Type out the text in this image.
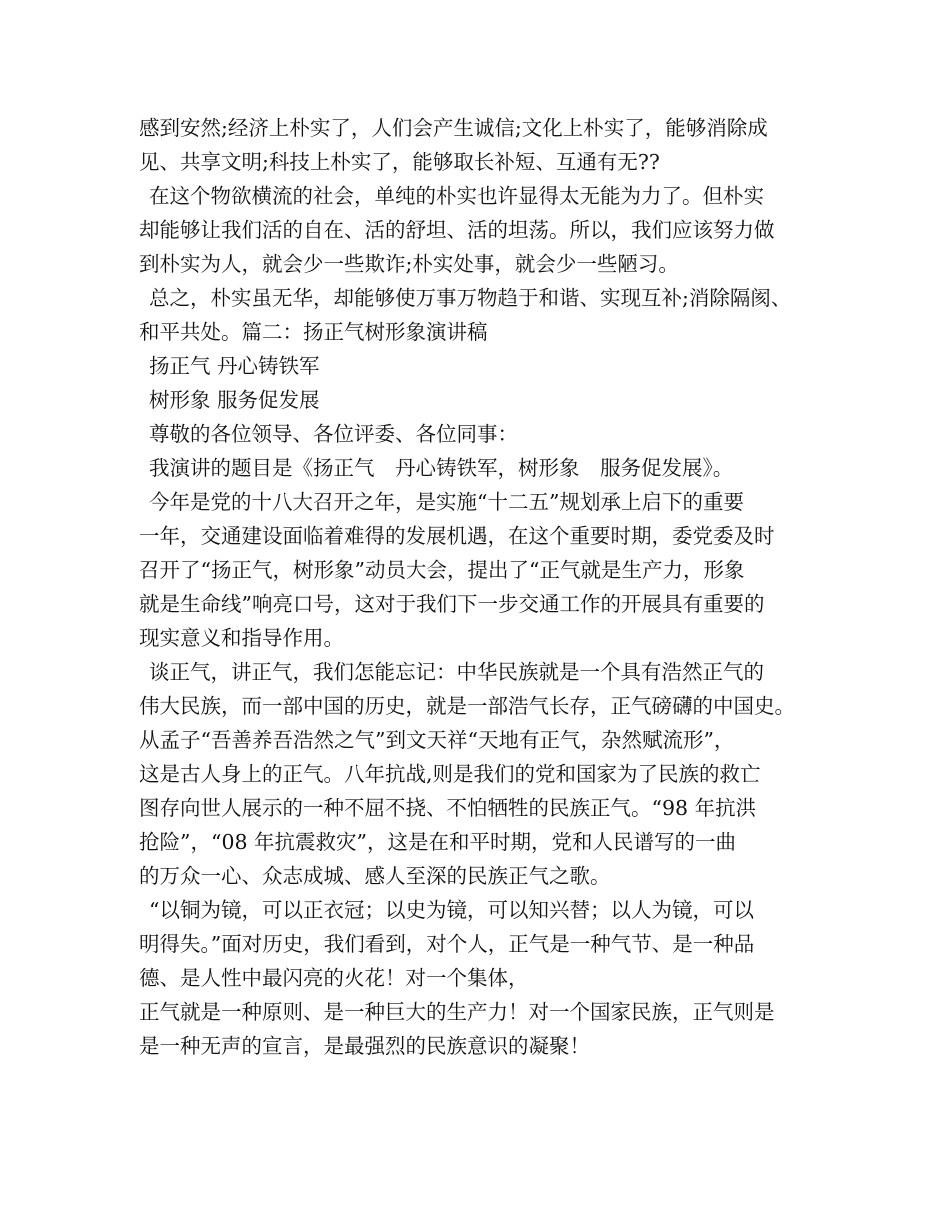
感到安然;经济上朴实了，人们会产生诚信;文化上朴实了，能够消除成
见、共享文明;科技上朴实了，能够取长补短、互通有无??
在这个物欲横流的社会，单纯的朴实也许显得太无能为力了。但朴实
却能够让我们活的自在、活的舒坦、活的坦荡。所以，我们应该努力做
到朴实为人，就会少一些欺诈;朴实处事，就会少一些陋习。
总之，朴实虽无华，却能够使万事万物趋于和谐、实现互补;消除隔阂、
和平共处。篇二：扬正气树形象演讲稿
扬正气 丹心铸铁军
树形象 服务促发展
尊敬的各位领导、各位评委、各位同事：
我演讲的题目是《扬正气　丹心铸铁军，树形象　服务促发展》。
今年是党的十八大召开之年，是实施“十二五”规划承上启下的重要
一年，交通建设面临着难得的发展机遇，在这个重要时期，委党委及时
召开了“扬正气，树形象”动员大会，提出了“正气就是生产力，形象
就是生命线”响亮口号，这对于我们下一步交通工作的开展具有重要的
现实意义和指导作用。
谈正气，讲正气，我们怎能忘记：中华民族就是一个具有浩然正气的
伟大民族，而一部中国的历史，就是一部浩气长存，正气磅礴的中国史。
从孟子“吾善养吾浩然之气”到文天祥“天地有正气，杂然赋流形”，
这是古人身上的正气。八年抗战,则是我们的党和国家为了民族的救亡
图存向世人展示的一种不屈不挠、不怕牺牲的民族正气。“98 年抗洪
抢险”，“08 年抗震救灾”，这是在和平时期，党和人民谱写的一曲
的万众一心、众志成城、感人至深的民族正气之歌。
“以铜为镜，可以正衣冠；以史为镜，可以知兴替；以人为镜，可以
明得失。”面对历史，我们看到，对个人，正气是一种气节、是一种品
德、是人性中最闪亮的火花！对一个集体，
正气就是一种原则、是一种巨大的生产力！对一个国家民族，正气则是
是一种无声的宣言，是最强烈的民族意识的凝聚！
